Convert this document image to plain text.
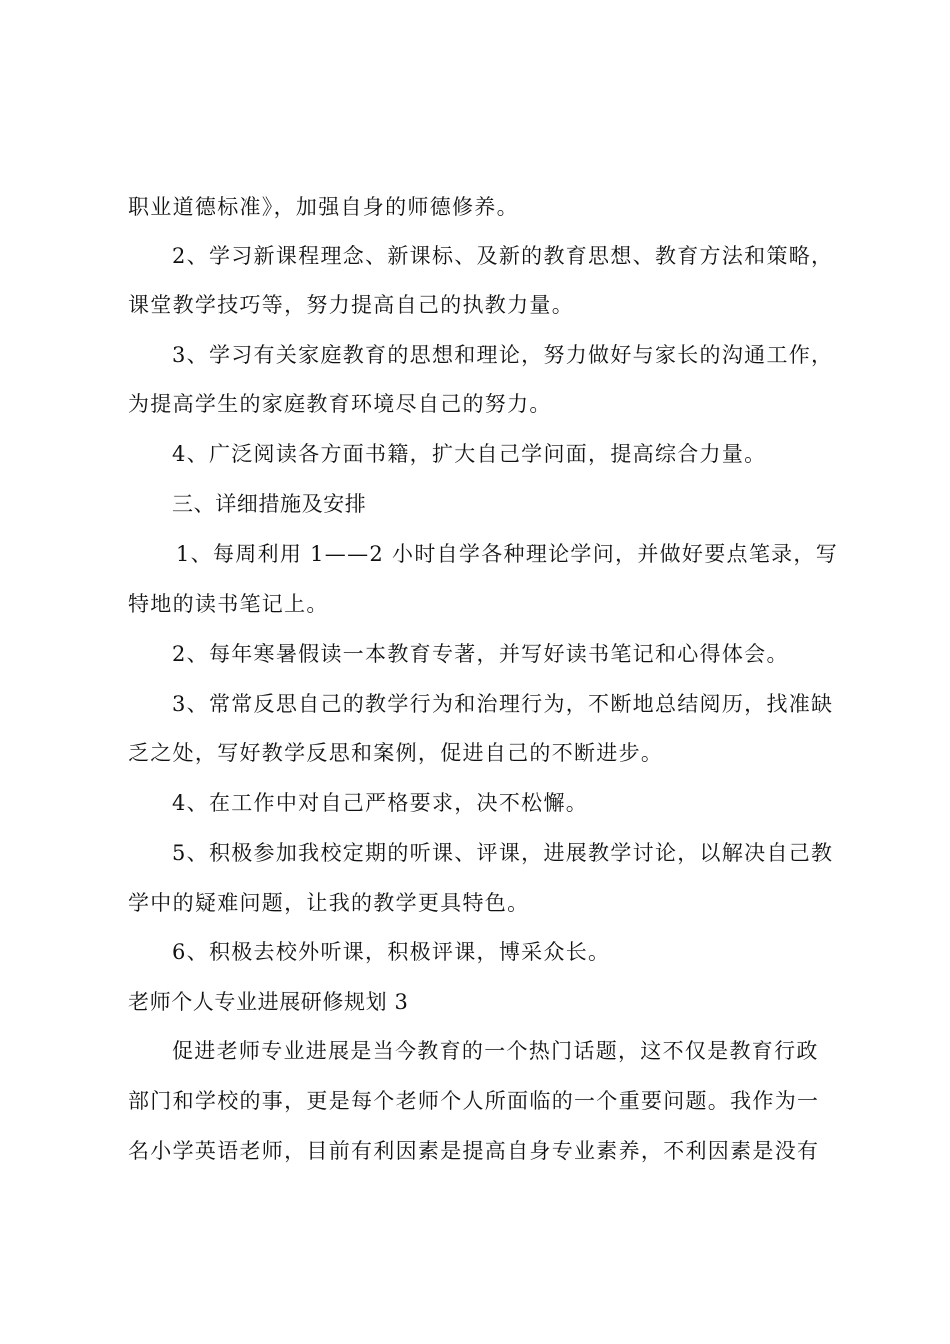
职业道德标准》，加强自身的师德修养。
2、学习新课程理念、新课标、及新的教育思想、教育方法和策略，
课堂教学技巧等，努力提高自己的执教力量。
3、学习有关家庭教育的思想和理论，努力做好与家长的沟通工作，
为提高学生的家庭教育环境尽自己的努力。
4、广泛阅读各方面书籍，扩大自己学问面，提高综合力量。
三、详细措施及安排
1、每周利用 1——2 小时自学各种理论学问，并做好要点笔录，写
特地的读书笔记上。
2、每年寒暑假读一本教育专著，并写好读书笔记和心得体会。
3、常常反思自己的教学行为和治理行为，不断地总结阅历，找准缺
乏之处，写好教学反思和案例，促进自己的不断进步。
4、在工作中对自己严格要求，决不松懈。
5、积极参加我校定期的听课、评课，进展教学讨论，以解决自己教
学中的疑难问题，让我的教学更具特色。
6、积极去校外听课，积极评课，博采众长。
老师个人专业进展研修规划 3
促进老师专业进展是当今教育的一个热门话题，这不仅是教育行政
部门和学校的事，更是每个老师个人所面临的一个重要问题。我作为一
名小学英语老师，目前有利因素是提高自身专业素养，不利因素是没有
